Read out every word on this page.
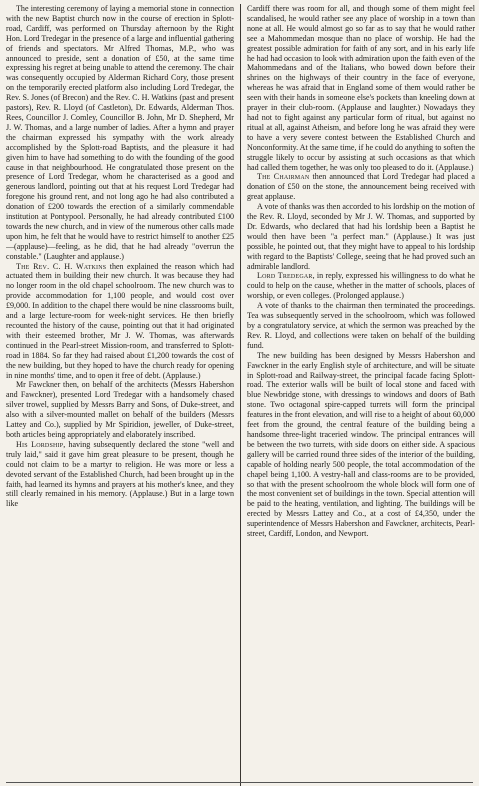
The interesting ceremony of laying a memorial stone in connection with the new Baptist church now in the course of erection in Splott-road, Cardiff, was performed on Thursday afternoon by the Right Hon. Lord Tredegar in the presence of a large and influential gathering of friends and spectators. Mr Alfred Thomas, M.P., who was announced to preside, sent a donation of £50, at the same time expressing his regret at being unable to attend the ceremony. The chair was consequently occupied by Alderman Richard Cory, those present on the temporarily erected platform also including Lord Tredegar, the Rev. S. Jones (of Brecon) and the Rev. C. H. Watkins (past and present pastors), Rev. R. Lloyd (of Castleton), Dr. Edwards, Alderman Thos. Rees, Councillor J. Comley, Councillor B. John, Mr D. Shepherd, Mr J. W. Thomas, and a large number of ladies. After a hymn and prayer the chairman expressed his sympathy with the work already accomplished by the Splott-road Baptists, and the pleasure it had given him to have had something to do with the founding of the good cause in that neighbourhood. He congratulated those present on the presence of Lord Tredegar, whom he characterised as a good and generous landlord, pointing out that at his request Lord Tredegar had foregone his ground rent, and not long ago he had also contributed a donation of £200 towards the erection of a similarly commendable institution at Pontypool. Personally, he had already contributed £100 towards the new church, and in view of the numerous other calls made upon him, he felt that he would have to restrict himself to another £25—(applause)—feeling, as he did, that he had already "overrun the constable." (Laughter and applause.)

The Rev. C. H. Watkins then explained the reason which had actuated them in building their new church. It was because they had no longer room in the old chapel schoolroom. The new church was to provide accommodation for 1,100 people, and would cost over £9,000. In addition to the chapel there would be nine classrooms built, and a large lecture-room for week-night services. He then briefly recounted the history of the cause, pointing out that it had originated with their esteemed brother, Mr J. W. Thomas, was afterwards continued in the Pearl-street Mission-room, and transferred to Splott-road in 1884. So far they had raised about £1,200 towards the cost of the new building, but they hoped to have the church ready for opening in nine months' time, and to open it free of debt. (Applause.)

Mr Fawckner then, on behalf of the architects (Messrs Habershon and Fawckner), presented Lord Tredegar with a handsomely chased silver trowel, supplied by Messrs Barry and Sons, of Duke-street, and also with a silver-mounted mallet on behalf of the builders (Messrs Lattey and Co.), supplied by Mr Spiridion, jeweller, of Duke-street, both articles being appropriately and elaborately inscribed.

His Lordship, having subsequently declared the stone "well and truly laid," said it gave him great pleasure to be present, though he could not claim to be a martyr to religion. He was more or less a devoted servant of the Established Church, had been brought up in the faith, had learned its hymns and prayers at his mother's knee, and they still clearly remained in his memory. (Applause.) But in a large town like

Cardiff there was room for all, and though some of them might feel scandalised, he would rather see any place of worship in a town than none at all. He would almost go so far as to say that he would rather see a Mahommedan mosque than no place of worship. He had the greatest possible admiration for faith of any sort, and in his early life he had had occasion to look with admiration upon the faith even of the Mahommedans and of the Italians, who bowed down before their shrines on the highways of their country in the face of everyone, whereas he was afraid that in England some of them would rather be seen with their hands in someone else's pockets than kneeling down at prayer in their club-room. (Applause and laughter.) Nowadays they had not to fight against any particular form of ritual, but against no ritual at all, against Atheism, and before long he was afraid they were to have a very severe contest between the Established Church and Nonconformity. At the same time, if he could do anything to soften the struggle likely to occur by assisting at such occasions as that which had called them together, he was only too pleased to do it. (Applause.)

The Chairman then announced that Lord Tredegar had placed a donation of £50 on the stone, the announcement being received with great applause.

A vote of thanks was then accorded to his lordship on the motion of the Rev. R. Lloyd, seconded by Mr J. W. Thomas, and supported by Dr. Edwards, who declared that had his lordship been a Baptist he would then have been "a perfect man." (Applause.) It was just possible, he pointed out, that they might have to appeal to his lordship with regard to the Baptists' College, seeing that he had proved such an admirable landlord.

Lord Tredegar, in reply, expressed his willingness to do what he could to help on the cause, whether in the matter of schools, places of worship, or even colleges. (Prolonged applause.)

A vote of thanks to the chairman then terminated the proceedings. Tea was subsequently served in the schoolroom, which was followed by a congratulatory service, at which the sermon was preached by the Rev. R. Lloyd, and collections were taken on behalf of the building fund.

The new building has been designed by Messrs Habershon and Fawckner in the early English style of architecture, and will be situate in Splott-road and Railway-street, the principal facade facing Splott-road. The exterior walls will be built of local stone and faced with blue Newbridge stone, with dressings to windows and doors of Bath stone. Two octagonal spire-capped turrets will form the principal features in the front elevation, and will rise to a height of about 60,000 feet from the ground, the central feature of the building being a handsome three-light traceried window. The principal entrances will be between the two turrets, with side doors on either side. A spacious gallery will be carried round three sides of the interior of the building, capable of holding nearly 500 people, the total accommodation of the chapel being 1,100. A vestry-hall and class-rooms are to be provided, so that with the present schoolroom the whole block will form one of the most convenient set of buildings in the town. Special attention will be paid to the heating, ventilation, and lighting. The buildings will be erected by Messrs Lattey and Co., at a cost of £4,350, under the superintendence of Messrs Habershon and Fawckner, architects, Pearl-street, Cardiff, London, and Newport.
